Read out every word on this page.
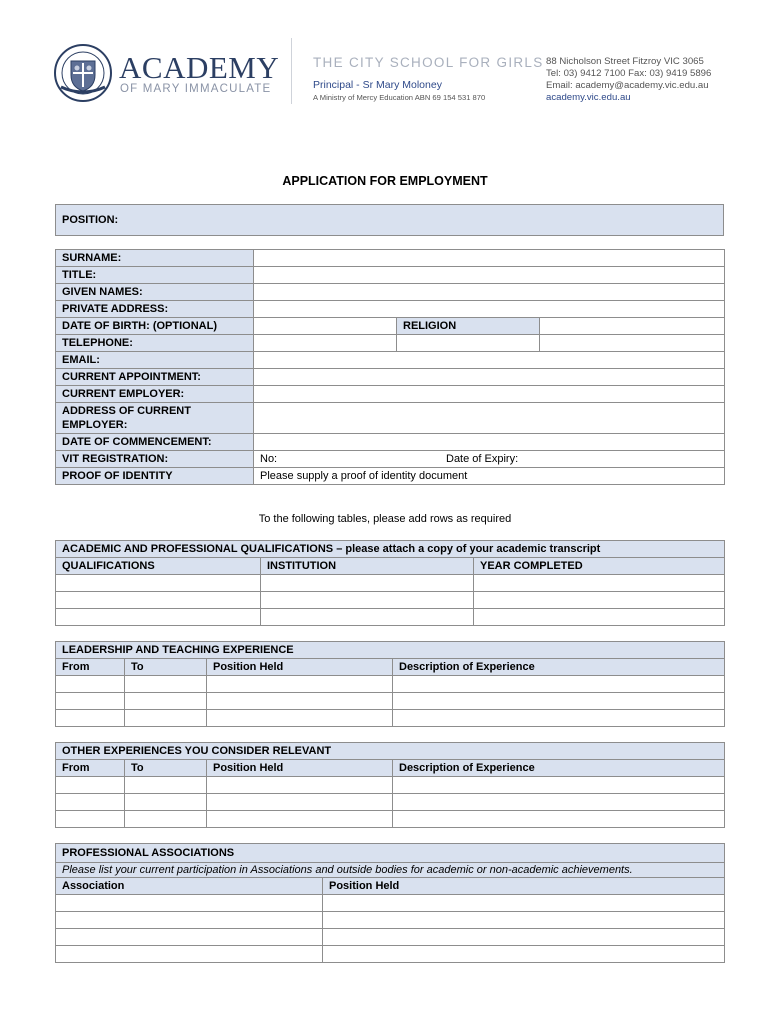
ACADEMY
OF MARY IMMACULATE
THE CITY SCHOOL FOR GIRLS
Principal - Sr Mary Moloney
A Ministry of Mercy Education ABN 69 154 531 870
88 Nicholson Street Fitzroy VIC 3065
Tel: 03) 9412 7100 Fax: 03) 9419 5896
Email: academy@academy.vic.edu.au
academy.vic.edu.au
APPLICATION FOR EMPLOYMENT
POSITION:
SURNAME:			
TITLE:			
GIVEN NAMES:			
PRIVATE ADDRESS:			
DATE OF BIRTH: (OPTIONAL)		RELIGION	
TELEPHONE:			
EMAIL:			
CURRENT APPOINTMENT:			
CURRENT EMPLOYER:			
ADDRESS OF CURRENT EMPLOYER:			
DATE OF COMMENCEMENT:			
VIT REGISTRATION:	No: Date of Expiry:		

PROOF OF IDENTITY	Please supply a proof of identity document		
To the following tables, please add rows as required
ACADEMIC AND PROFESSIONAL QUALIFICATIONS – please attach a copy of your academic transcript		
QUALIFICATIONS	INSTITUTION	YEAR COMPLETED

LEADERSHIP AND TEACHING EXPERIENCE			
From	To	Position Held	Description of Experience

OTHER EXPERIENCES YOU CONSIDER RELEVANT			
From	To	Position Held	Description of Experience

PROFESSIONAL ASSOCIATIONS	
Please list your current participation in Associations and outside bodies for academic or non-academic achievements.	
Association	Position Held
